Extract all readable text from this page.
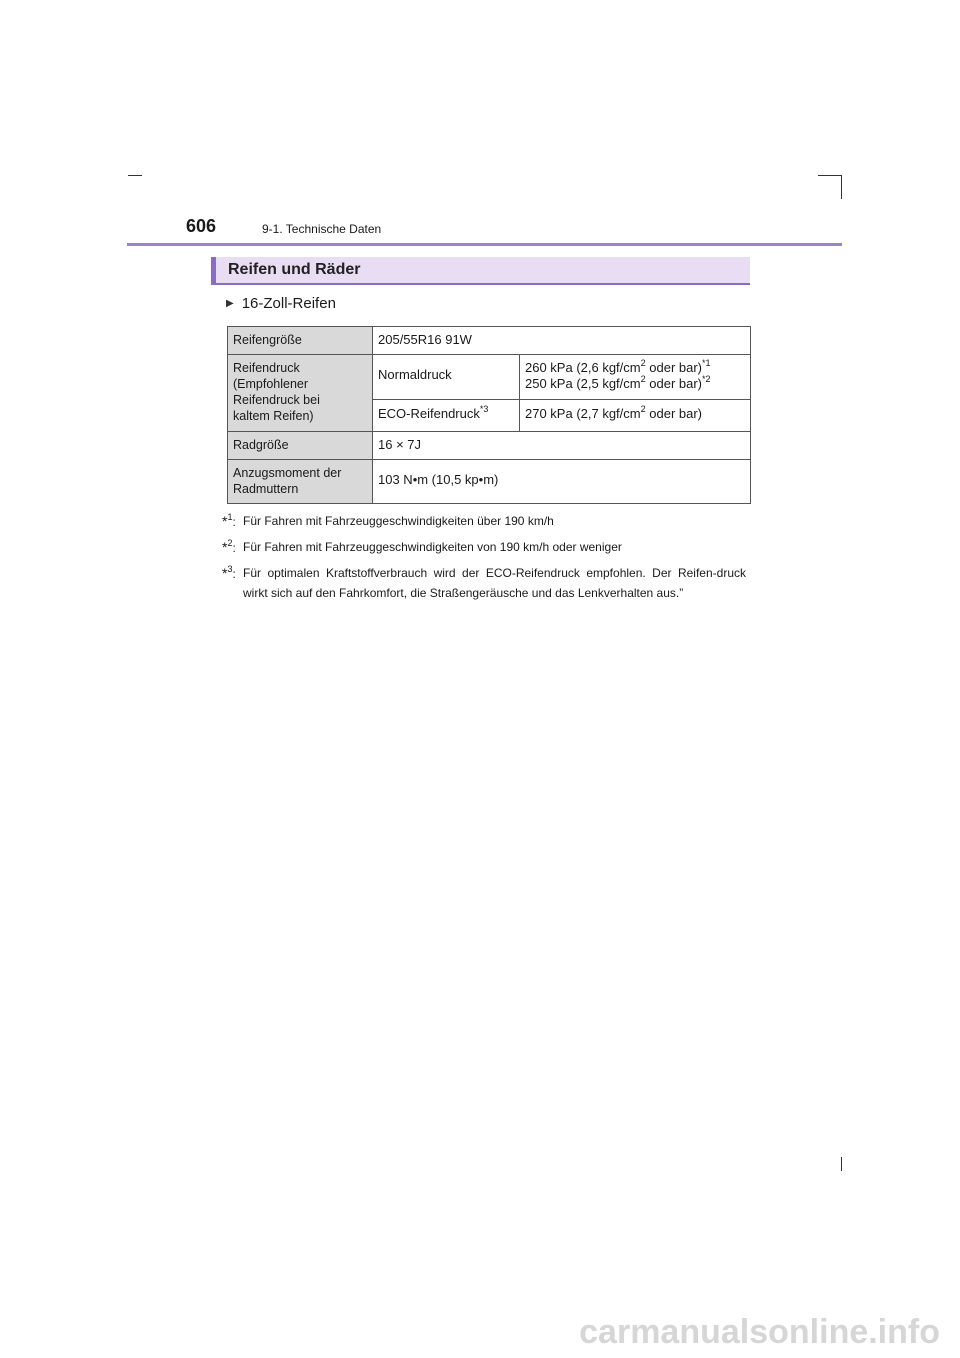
606	9-1. Technische Daten
Reifen und Räder
▶ 16-Zoll-Reifen
Reifengröße	205/55R16 91W	
Reifendruck
(Empfohlener
Reifendruck bei
kaltem Reifen)	Normaldruck	260 kPa (2,6 kgf/$cm^2$ oder bar)$^{*1}$
250 kPa (2,5 kgf/$cm^2$ oder bar)$^{*2}$
	ECO-Reifendruck$^{*3}$	270 kPa (2,7 kgf/$cm^2$ oder bar)
Radgröße	16 × 7J	
Anzugsmoment der
Radmuttern	103 N•m (10,5 kp•m)	
*$^1$: Für Fahren mit Fahrzeuggeschwindigkeiten über 190 km/h
*$^2$: Für Fahren mit Fahrzeuggeschwindigkeiten von 190 km/h oder weniger
*$^3$: Für optimalen Kraftstoffverbrauch wird der ECO-Reifendruck empfohlen. Der Reifen-druck wirkt sich auf den Fahrkomfort, die Straßengeräusche und das Lenkverhalten aus.”
carmanualsonline.info
